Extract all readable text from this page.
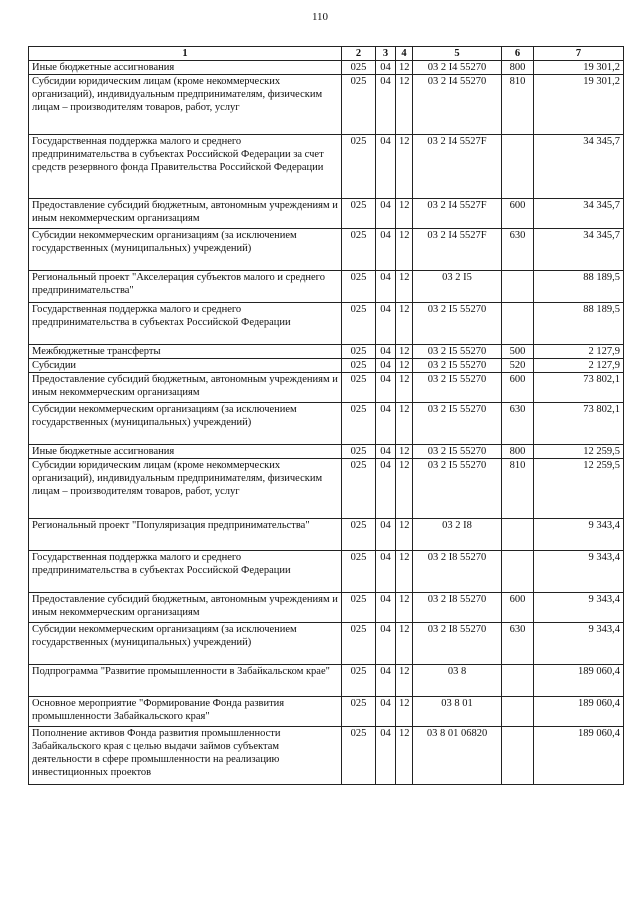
110
1	2	3	4	5	6	7
Иные бюджетные ассигнования	025	04	12	03 2 I4 55270	800	19 301,2
Субсидии юридическим лицам (кроме некоммерческих организаций), индивидуальным предпринимателям, физическим лицам – производителям товаров, работ, услуг	025	04	12	03 2 I4 55270	810	19 301,2
Государственная поддержка малого и среднего предпринимательства в субъектах Российской Федерации за счет средств резервного фонда Правительства Российской Федерации	025	04	12	03 2 I4 5527F		34 345,7
Предоставление субсидий бюджетным, автономным учреждениям и иным некоммерческим организациям	025	04	12	03 2 I4 5527F	600	34 345,7
Субсидии некоммерческим организациям (за исключением государственных (муниципальных) учреждений)	025	04	12	03 2 I4 5527F	630	34 345,7
Региональный проект "Акселерация субъектов малого и среднего предпринимательства"	025	04	12	03 2 I5		88 189,5
Государственная поддержка малого и среднего предпринимательства в субъектах Российской Федерации	025	04	12	03 2 I5 55270		88 189,5
Межбюджетные трансферты	025	04	12	03 2 I5 55270	500	2 127,9
Субсидии	025	04	12	03 2 I5 55270	520	2 127,9
Предоставление субсидий бюджетным, автономным учреждениям и иным некоммерческим организациям	025	04	12	03 2 I5 55270	600	73 802,1
Субсидии некоммерческим организациям (за исключением государственных (муниципальных) учреждений)	025	04	12	03 2 I5 55270	630	73 802,1
Иные бюджетные ассигнования	025	04	12	03 2 I5 55270	800	12 259,5
Субсидии юридическим лицам (кроме некоммерческих организаций), индивидуальным предпринимателям, физическим лицам – производителям товаров, работ, услуг	025	04	12	03 2 I5 55270	810	12 259,5
Региональный проект "Популяризация предпринимательства"	025	04	12	03 2 I8		9 343,4
Государственная поддержка малого и среднего предпринимательства в субъектах Российской Федерации	025	04	12	03 2 I8 55270		9 343,4
Предоставление субсидий бюджетным, автономным учреждениям и иным некоммерческим организациям	025	04	12	03 2 I8 55270	600	9 343,4
Субсидии некоммерческим организациям (за исключением государственных (муниципальных) учреждений)	025	04	12	03 2 I8 55270	630	9 343,4
Подпрограмма "Развитие промышленности в Забайкальском крае"	025	04	12	03 8		189 060,4
Основное мероприятие "Формирование Фонда развития промышленности Забайкальского края"	025	04	12	03 8 01		189 060,4
Пополнение активов Фонда развития промышленности Забайкальского края с целью выдачи займов субъектам деятельности в сфере промышленности на реализацию инвестиционных проектов	025	04	12	03 8 01 06820		189 060,4
